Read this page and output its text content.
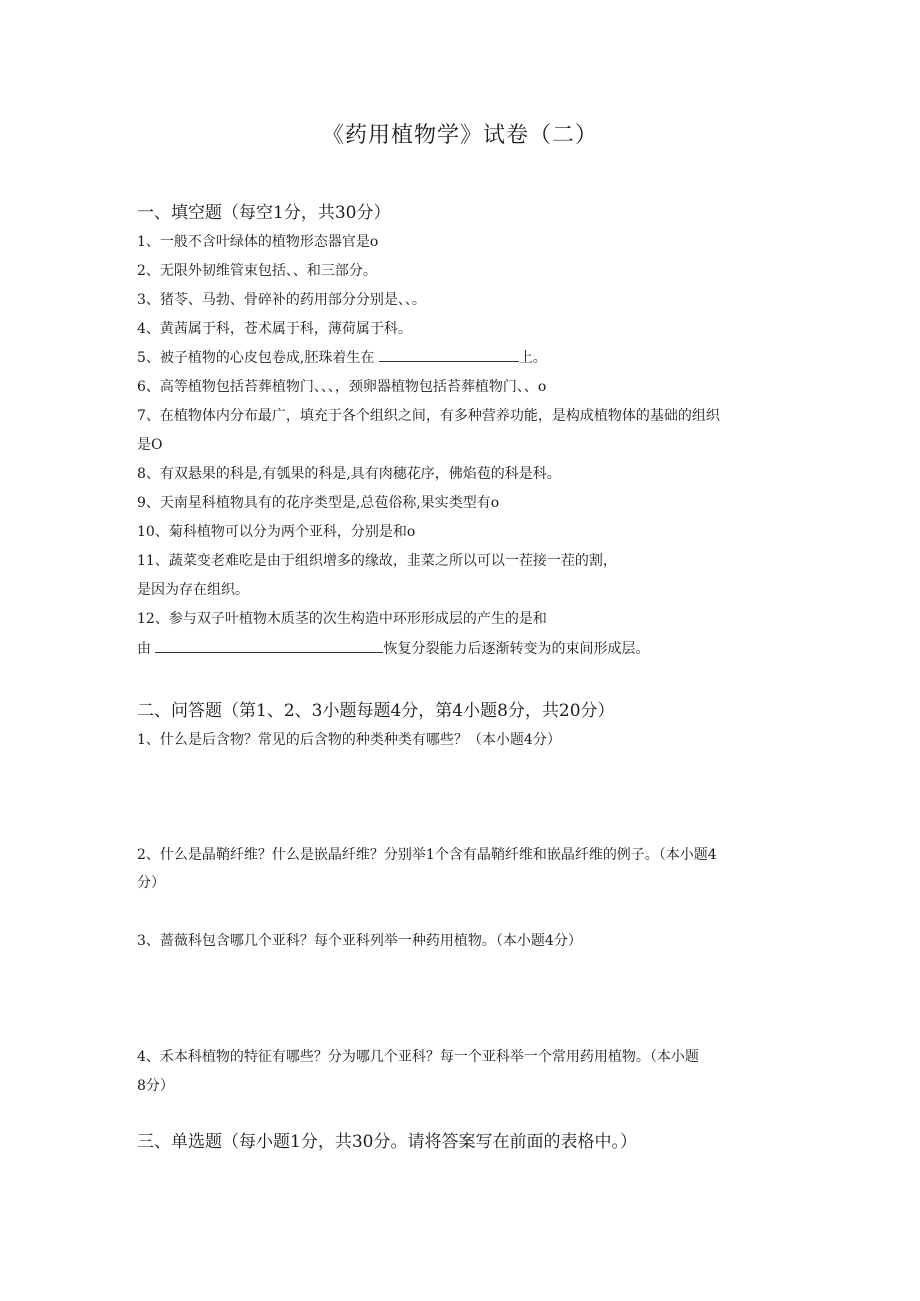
《药用植物学》试卷（二）
一、填空题（每空1分，共30分）
1、一般不含叶绿体的植物形态器官是o
2、无限外韧维管束包括、、和三部分。
3、猪苓、马勃、骨碎补的药用部分分别是、、。
4、黄茜属于科，苍术属于科，薄荷属于科。
5、被子植物的心皮包卷成,胚珠着生在	上。
6、高等植物包括苔葬植物门、、、，颈卵器植物包括苔葬植物门、、o
7、在植物体内分布最广，填充于各个组织之间，有多种营养功能，是构成植物体的基础的组织
是O
8、有双悬果的科是,有瓠果的科是,具有肉穗花序，佛焰苞的科是科。
9、天南星科植物具有的花序类型是,总苞俗称,果实类型有o
10、菊科植物可以分为两个亚科，分别是和o
11、蔬菜变老难吃是由于组织增多的缘故，韭菜之所以可以一茬接一茬的割，
是因为存在组织。
12、参与双子叶植物木质茎的次生构造中环形形成层的产生的是和
由	恢复分裂能力后逐渐转变为的束间形成层。
二、问答题（第1、2、3小题每题4分，第4小题8分，共20分）
1、什么是后含物？常见的后含物的种类种类有哪些？（本小题4分）
2、什么是晶鞘纤维？什么是嵌晶纤维？分别举1个含有晶鞘纤维和嵌晶纤维的例子。（本小题4
分）
3、蔷薇科包含哪几个亚科？每个亚科列举一种药用植物。（本小题4分）
4、禾本科植物的特征有哪些？分为哪几个亚科？每一个亚科举一个常用药用植物。（本小题
8分）
三、单选题（每小题1分，共30分。请将答案写在前面的表格中。）
